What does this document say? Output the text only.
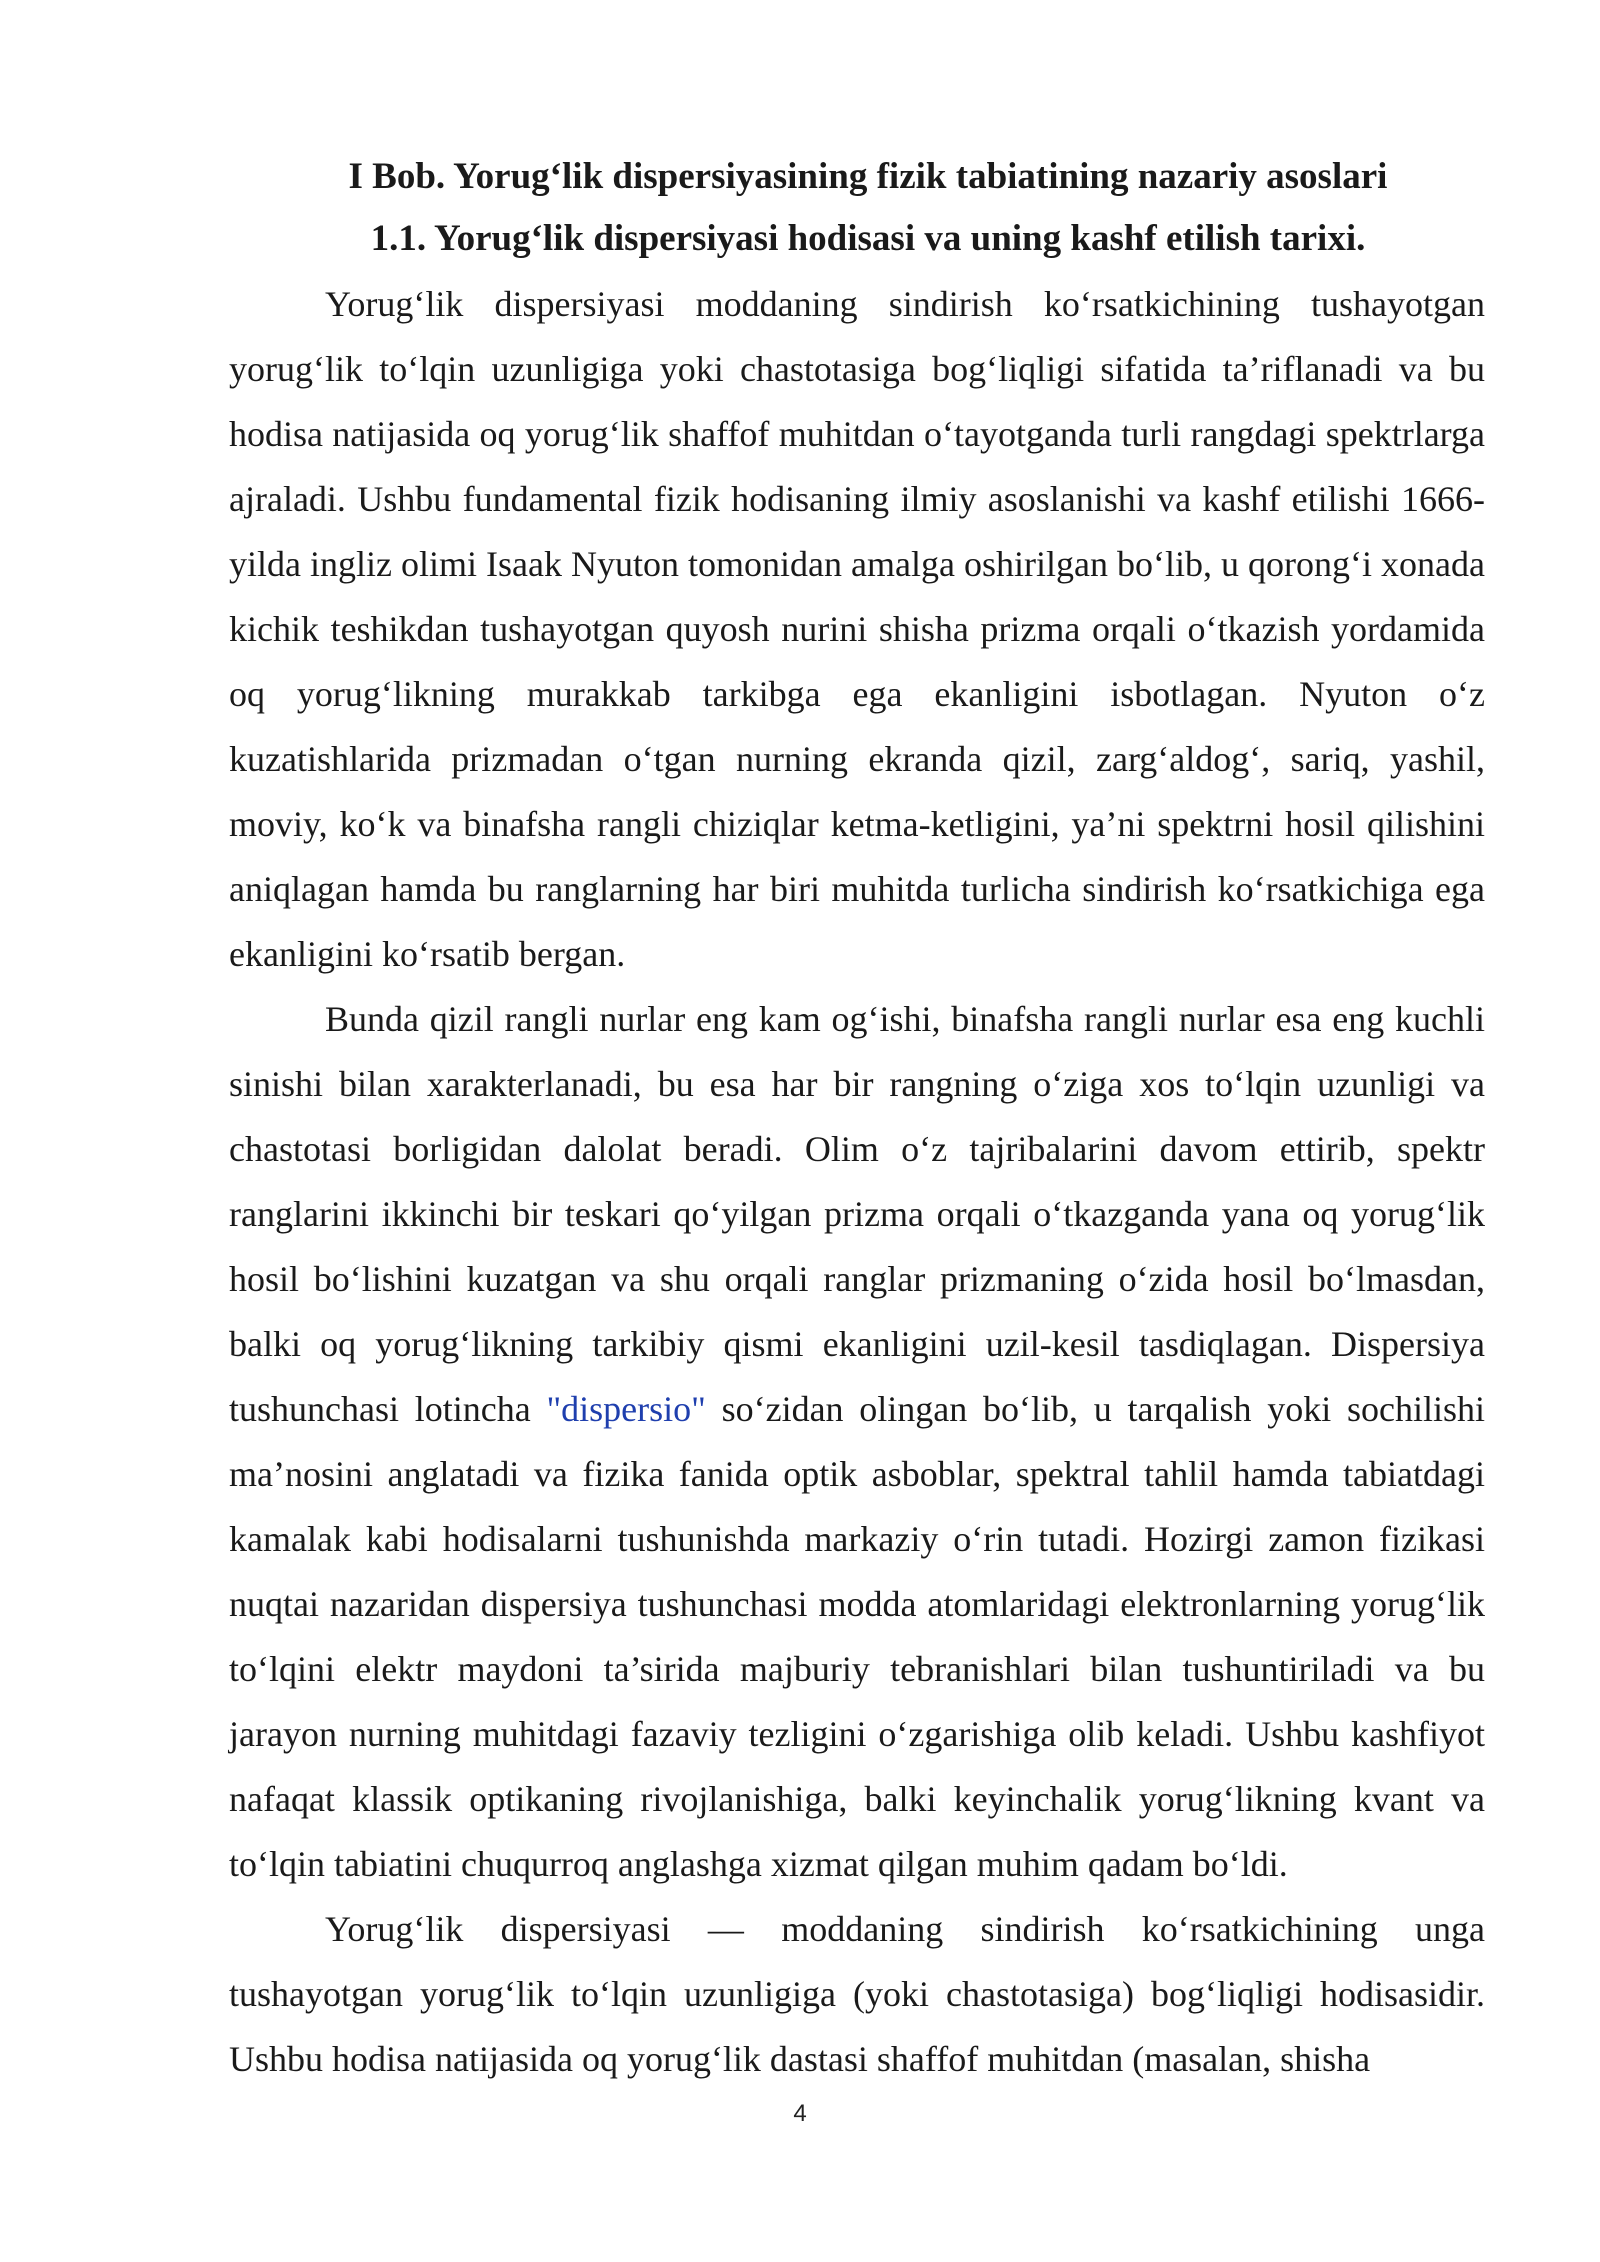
I Bob. Yorug‘lik dispersiyasining fizik tabiatining nazariy asoslari
1.1. Yorug‘lik dispersiyasi hodisasi va uning kashf etilish tarixi.

Yorug‘lik dispersiyasi moddaning sindirish ko‘rsatkichining tushayotgan yorug‘lik to‘lqin uzunligiga yoki chastotasiga bog‘liqligi sifatida ta’riflanadi va bu hodisa natijasida oq yorug‘lik shaffof muhitdan o‘tayotganda turli rangdagi spektrlarga ajraladi. Ushbu fundamental fizik hodisaning ilmiy asoslanishi va kashf etilishi 1666-yilda ingliz olimi Isaak Nyuton tomonidan amalga oshirilgan bo‘lib, u qorong‘i xonada kichik teshikdan tushayotgan quyosh nurini shisha prizma orqali o‘tkazish yordamida oq yorug‘likning murakkab tarkibga ega ekanligini isbotlagan. Nyuton o‘z kuzatishlarida prizmadan o‘tgan nurning ekranda qizil, zarg‘aldog‘, sariq, yashil, moviy, ko‘k va binafsha rangli chiziqlar ketma-ketligini, ya’ni spektrni hosil qilishini aniqlagan hamda bu ranglarning har biri muhitda turlicha sindirish ko‘rsatkichiga ega ekanligini ko‘rsatib bergan.

Bunda qizil rangli nurlar eng kam og‘ishi, binafsha rangli nurlar esa eng kuchli sinishi bilan xarakterlanadi, bu esa har bir rangning o‘ziga xos to‘lqin uzunligi va chastotasi borligidan dalolat beradi. Olim o‘z tajribalarini davom ettirib, spektr ranglarini ikkinchi bir teskari qo‘yilgan prizma orqali o‘tkazganda yana oq yorug‘lik hosil bo‘lishini kuzatgan va shu orqali ranglar prizmaning o‘zida hosil bo‘lmasdan, balki oq yorug‘likning tarkibiy qismi ekanligini uzil-kesil tasdiqlagan. Dispersiya tushunchasi lotincha "dispersio" so‘zidan olingan bo‘lib, u tarqalish yoki sochilishi ma’nosini anglatadi va fizika fanida optik asboblar, spektral tahlil hamda tabiatdagi kamalak kabi hodisalarni tushunishda markaziy o‘rin tutadi. Hozirgi zamon fizikasi nuqtai nazaridan dispersiya tushunchasi modda atomlaridagi elektronlarning yorug‘lik to‘lqini elektr maydoni ta’sirida majburiy tebranishlari bilan tushuntiriladi va bu jarayon nurning muhitdagi fazaviy tezligini o‘zgarishiga olib keladi. Ushbu kashfiyot nafaqat klassik optikaning rivojlanishiga, balki keyinchalik yorug‘likning kvant va to‘lqin tabiatini chuqurroq anglashga xizmat qilgan muhim qadam bo‘ldi.

Yorug‘lik dispersiyasi — moddaning sindirish ko‘rsatkichining unga tushayotgan yorug‘lik to‘lqin uzunligiga (yoki chastotasiga) bog‘liqligi hodisasidir. Ushbu hodisa natijasida oq yorug‘lik dastasi shaffof muhitdan (masalan, shisha

4
